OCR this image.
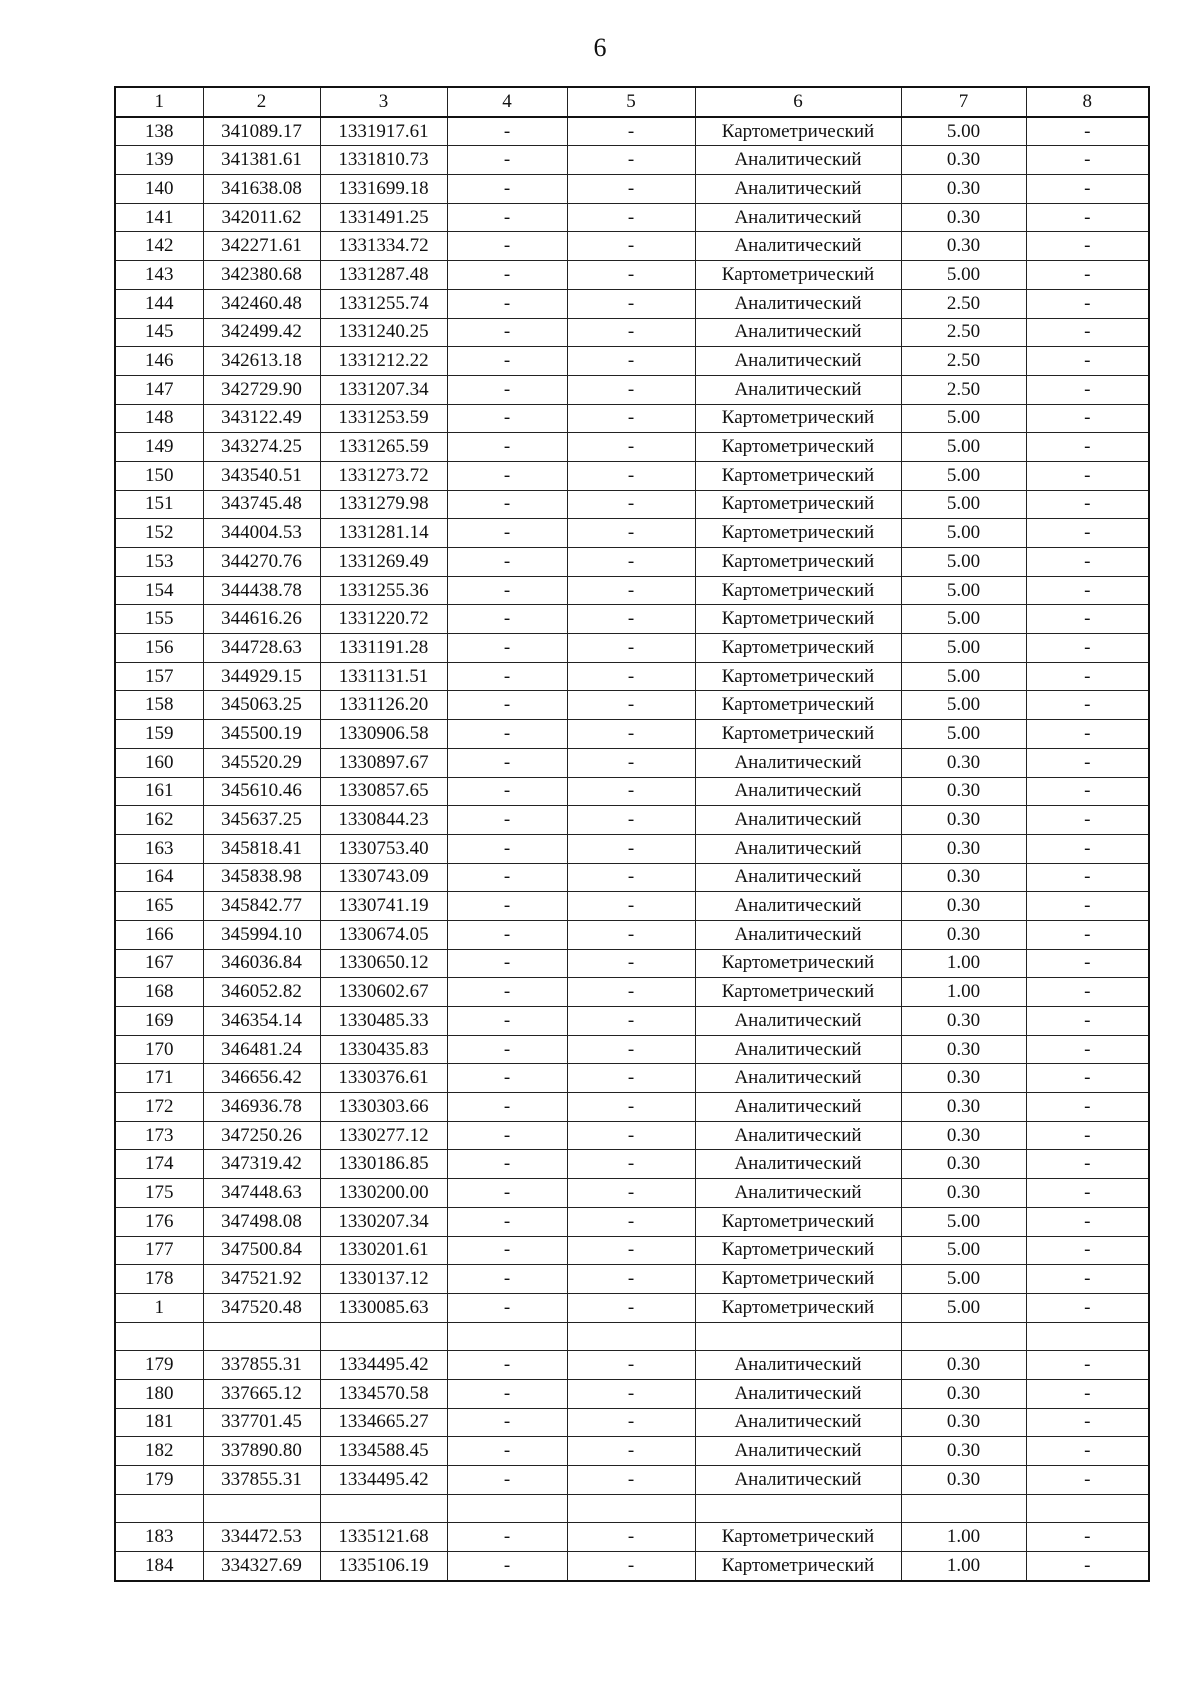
6
1	2	3	4	5	6	7	8
138	341089.17	1331917.61	-	-	Картометрический	5.00	-
139	341381.61	1331810.73	-	-	Аналитический	0.30	-
140	341638.08	1331699.18	-	-	Аналитический	0.30	-
141	342011.62	1331491.25	-	-	Аналитический	0.30	-
142	342271.61	1331334.72	-	-	Аналитический	0.30	-
143	342380.68	1331287.48	-	-	Картометрический	5.00	-
144	342460.48	1331255.74	-	-	Аналитический	2.50	-
145	342499.42	1331240.25	-	-	Аналитический	2.50	-
146	342613.18	1331212.22	-	-	Аналитический	2.50	-
147	342729.90	1331207.34	-	-	Аналитический	2.50	-
148	343122.49	1331253.59	-	-	Картометрический	5.00	-
149	343274.25	1331265.59	-	-	Картометрический	5.00	-
150	343540.51	1331273.72	-	-	Картометрический	5.00	-
151	343745.48	1331279.98	-	-	Картометрический	5.00	-
152	344004.53	1331281.14	-	-	Картометрический	5.00	-
153	344270.76	1331269.49	-	-	Картометрический	5.00	-
154	344438.78	1331255.36	-	-	Картометрический	5.00	-
155	344616.26	1331220.72	-	-	Картометрический	5.00	-
156	344728.63	1331191.28	-	-	Картометрический	5.00	-
157	344929.15	1331131.51	-	-	Картометрический	5.00	-
158	345063.25	1331126.20	-	-	Картометрический	5.00	-
159	345500.19	1330906.58	-	-	Картометрический	5.00	-
160	345520.29	1330897.67	-	-	Аналитический	0.30	-
161	345610.46	1330857.65	-	-	Аналитический	0.30	-
162	345637.25	1330844.23	-	-	Аналитический	0.30	-
163	345818.41	1330753.40	-	-	Аналитический	0.30	-
164	345838.98	1330743.09	-	-	Аналитический	0.30	-
165	345842.77	1330741.19	-	-	Аналитический	0.30	-
166	345994.10	1330674.05	-	-	Аналитический	0.30	-
167	346036.84	1330650.12	-	-	Картометрический	1.00	-
168	346052.82	1330602.67	-	-	Картометрический	1.00	-
169	346354.14	1330485.33	-	-	Аналитический	0.30	-
170	346481.24	1330435.83	-	-	Аналитический	0.30	-
171	346656.42	1330376.61	-	-	Аналитический	0.30	-
172	346936.78	1330303.66	-	-	Аналитический	0.30	-
173	347250.26	1330277.12	-	-	Аналитический	0.30	-
174	347319.42	1330186.85	-	-	Аналитический	0.30	-
175	347448.63	1330200.00	-	-	Аналитический	0.30	-
176	347498.08	1330207.34	-	-	Картометрический	5.00	-
177	347500.84	1330201.61	-	-	Картометрический	5.00	-
178	347521.92	1330137.12	-	-	Картометрический	5.00	-
1	347520.48	1330085.63	-	-	Картометрический	5.00	-

179	337855.31	1334495.42	-	-	Аналитический	0.30	-
180	337665.12	1334570.58	-	-	Аналитический	0.30	-
181	337701.45	1334665.27	-	-	Аналитический	0.30	-
182	337890.80	1334588.45	-	-	Аналитический	0.30	-
179	337855.31	1334495.42	-	-	Аналитический	0.30	-

183	334472.53	1335121.68	-	-	Картометрический	1.00	-
184	334327.69	1335106.19	-	-	Картометрический	1.00	-
